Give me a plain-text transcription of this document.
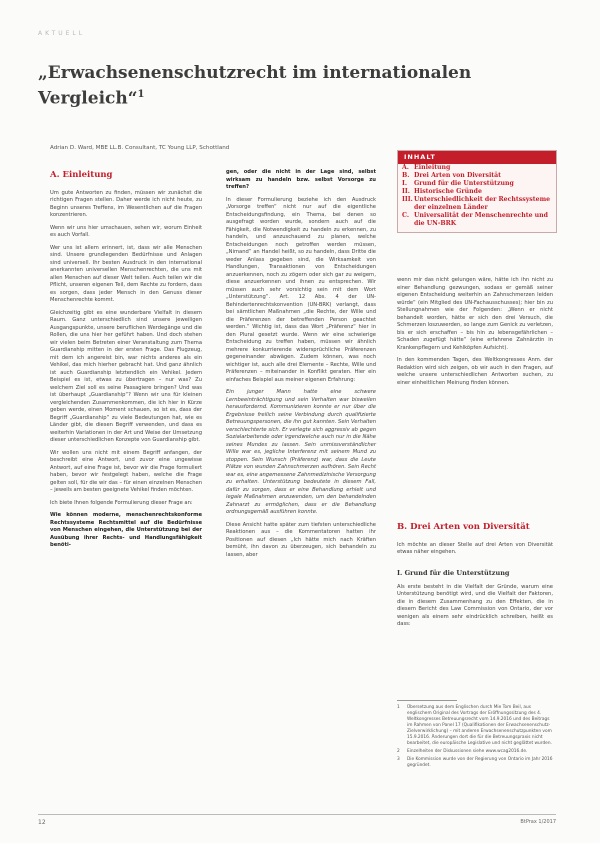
AKTUELL
„Erwachsenenschutzrecht im internationalen Vergleich“$^1$
Adrian D. Ward, MBE LL.B. Consultant, TC Young LLP, Schottland
A. Einleitung

Um gute Antworten zu finden, müssen wir zunächst die richtigen Fragen stellen. Daher werde ich nicht heute, zu Beginn unseres Treffens, im Wesentlichen auf die Fragen konzentrieren.

Wenn wir uns hier umschauen, sehen wir, worum Einheit es auch Vorfall.

Wer uns ist allem erinnert, ist, dass wir alle Menschen sind. Unsere grundlegenden Bedürfnisse und Anlagen sind universell. Ihr besten Ausdruck in den international anerkannten universellen Menschenrechten, die uns mit allen Menschen auf dieser Welt teilen. Auch teilen wir die Pflicht, unseren eigenen Teil, dem Rechte zu fordern, dass es sorgen, dass jeder Mensch in den Genuss dieser Menschenrechte kommt.

Gleichzeitig gibt es eine wunderbare Vielfalt in diesem Raum. Ganz unterschiedlich sind unsere jeweiligen Ausgangspunkte, unsere beruflichen Werdegänge und die Rollen, die uns hier her geführt haben. Und doch stehen wir vielen beim Betreten einer Veranstaltung zum Thema Guardianship mitten in der ersten Frage. Das Flugzeug, mit dem ich angereist bin, war nichts anderes als ein Vehikel, das mich hierher gebracht hat. Und ganz ähnlich ist auch Guardianship letztendlich ein Vehikel. Jedem Beispiel es ist, etwas zu übertragen – nur was? Zu welchem Ziel soll es seine Passagiere bringen? Und was ist überhaupt „Guardianship“? Wenn wir uns für kleinen vergleichenden Zusammenkommen, die ich hier in Kürze geben werde, einen Moment schauen, so ist es, dass der Begriff „Guardianship“ zu viele Bedeutungen hat, wie es Länder gibt, die diesen Begriff verwenden, und dass es weiterhin Variationen in der Art und Weise der Umsetzung dieser unterschiedlichen Konzepte von Guardianship gibt.

Wir wollen uns nicht mit einem Begriff anfangen, der beschreibt eine Antwort, und zuvor eine ungewisse Antwort, auf eine Frage ist, bevor wir die Frage formuliert haben, bevor wir festgelegt haben, welche die Frage gelten soll, für die wir das – für einen einzelnen Menschen – jeweils am besten geeignete Vehikel finden möchten.

Ich biete Ihnen folgende Formulierung dieser Frage an:

Wie können moderne, menschenrechtskonforme Rechtssysteme Rechtsmittel auf die Bedürfnisse von Menschen eingehen, die Unterstützung bei der Ausübung ihrer Rechts- und Handlungsfähigkeit benöti-

gen, oder die nicht in der Lage sind, selbst wirksam zu handeln bzw. selbst Vorsorge zu treffen?

In dieser Formulierung beziehe ich den Ausdruck „Vorsorge treffen“ nicht nur auf die eigentliche Entscheidungsfindung, ein Thema, bei denen so ausgefragt worden wurde, sondern auch auf die Fähigkeit, die Notwendigkeit zu handeln zu erkennen, zu handeln, und anzuschauend zu planen, welche Entscheidungen noch getroffen werden müssen, „Nimand“ an Handel heißt, so zu handeln, dass Dritte die weder Anlass gegeben sind, die Wirksamkeit von Handlungen, Transaktionen von Entscheidungen anzuerkennen, noch zu zögern oder sich gar zu weigern, diese anzuerkennen und ihnen zu entsprechen. Wir müssen auch sehr vorsichtig sein mit dem Wort „Unterstützung“. Art. 12 Abs. 4 der UN-Behindertenrechtskonvention (UN-BRK) verlangt, dass bei sämtlichen Maßnahmen „die Rechte, der Wille und die Präferenzen der betreffenden Person geachtet werden.“ Wichtig ist, dass das Wort „Präferenz“ hier in den Plural gesetzt wurde. Wenn wir eine schwierige Entscheidung zu treffen haben, müssen wir ähnlich mehrere konkurrierende widersprüchliche Präferenzen gegeneinander abwägen. Zudem können, was noch wichtiger ist, auch alle drei Elemente – Rechte, Wille und Präferenzen – miteinander in Konflikt geraten. Hier ein einfaches Beispiel aus meiner eigenen Erfahrung:

Ein junger Mann hatte eine schwere Lernbeeinträchtigung und sein Verhalten war bisweilen herausfordernd. Kommunizieren konnte er nur über die Ergebnisse freilich seine Verbindung durch qualifizierte Betreuungspersonen, die ihn gut kannten. Sein Verhalten verschlechterte sich. Er verlegte sich aggressiv ab gegen Sozialarbeitende oder irgendwelche auch nur in die Nähe seines Mundes zu lassen. Sein unmissverständlicher Wille war es, jegliche Interferenz mit seinem Mund zu stoppen. Sein Wunsch (Präferenz) war, dass die Leute Plätze von wunden Zahnschmerzen aufhören. Sein Recht war es, eine angemessene Zahnmedizinische Versorgung zu erhalten. Unterstützung bedeutete in diesem Fall, dafür zu sorgen, dass er eine Behandlung erhielt und legale Maßnahmen anzuwenden, um den behandelnden Zahnarzt zu ermöglichen, dass er die Behandlung ordnungsgemäß ausführen konnte.

Diese Ansicht hatte später zum tiefsten unterschiedliche Reaktionen aus – die Kommentatoren hatten ihr Positionen auf diesen „Ich hätte mich nach Kräften bemüht, ihn davon zu überzeugen, sich behandeln zu lassen, aber

INHALT
A. Einleitung
B. Drei Arten von Diversität
I.	Grund für die Unterstützung
II. Historische Gründe
III. Unterschiedlichkeit der Rechtssysteme der einzelnen Länder
C. Universalität der Menschenrechte und die UN-BRK

wenn mir das nicht gelungen wäre, hätte ich ihn nicht zu einer Behandlung gezwungen, sodass er gemäß seiner eigenen Entscheidung weiterhin an Zahnschmerzen leiden würde“ (ein Mitglied des UN-Fachausschusses); hier bin zu Stellungnahmen wie der Folgenden: „Wenn er nicht behandelt worden, hätte er sich den drei Versuch, die Schmerzen loszuwerden, so lange zum Genick zu verletzen, bis er sich erschaffen – bis hin zu lebensgefährlichen – Schaden zugefügt hätte“ (eine erfahrene Zahnärztin in Krankenpflegern und Kehlköpfen Aufsicht).

In den kommenden Tagen, des Weltkongresses Anm. der Redaktion wird sich zeigen, ob wir auch in den Fragen, auf welche unsere unterschiedlichen Antworten suchen, zu einer einheitlichen Meinung finden können.

B. Drei Arten von Diversität

Ich möchte an dieser Stelle auf drei Arten von Diversität etwas näher eingehen.

I. Grund für die Unterstützung

Als erste besteht in die Vielfalt der Gründe, warum eine Unterstützung benötigt wird, und die Vielfalt der Faktoren, die in diesem Zusammenhang zu den Effekten, die in diesem Bericht des Law Commission von Ontario, der vor wenigen als einem sehr eindrücklich schreiben, heißt es dass:

1	Übersetzung aus dem Englischen durch Mie Tom Beil, aus englischem Original des Vortrags der Eröffnungssitzung des 4. Weltkongresses Betreuungsrecht vom 14.9.2016 und des Beitrags im Rahmen von Panel 17 (Qualifikationen der Erwachsenenschutz-Zielverwirklichung) – mit anderen Erwachsenenschutzpunkten vom 15.9.2016. Änderungen dort die für die Betreuungspraxis nicht bearbeitet, die europäische Legislative und nicht geglättet wurden.
2	Einzelheiten der Diskussionen siehe www.wcag2016.de.
3	Die Kommission wurde von der Regierung von Ontario im Jahr 2016 gegründet.
12	BtPrax 1/2017
